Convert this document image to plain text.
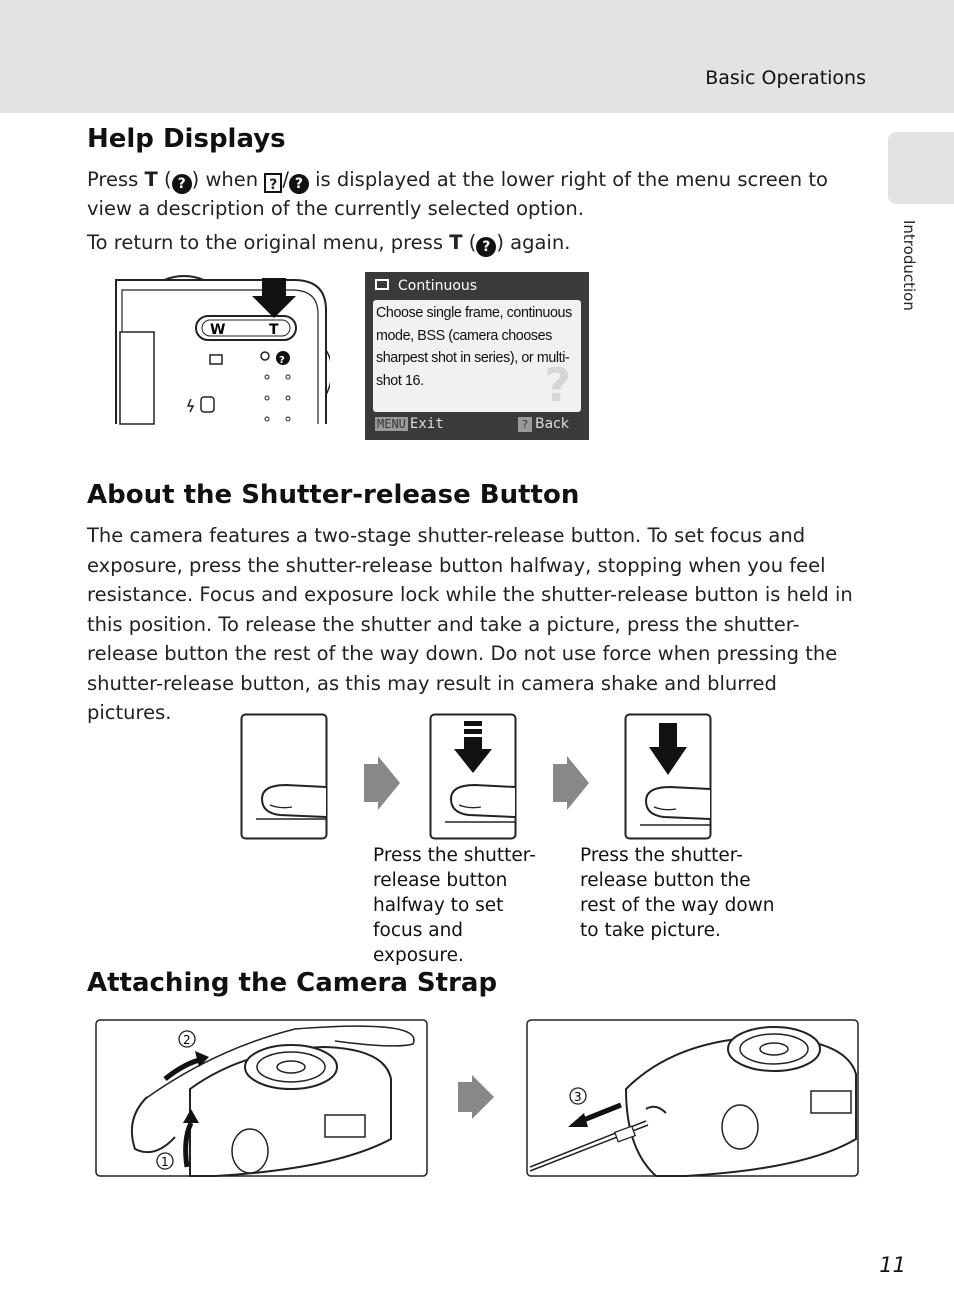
Basic Operations
Introduction
Help Displays

Press T ( ? ) when ? / ? is displayed at the lower right of the menu screen to view a description of the currently selected option.

To return to the original menu, press T ( ? ) again.

W	T
?
Continuous
Choose single frame, continuous mode, BSS (camera chooses sharpest shot in series), or multi-shot 16.	?
MENU Exit	? Back
About the Shutter-release Button

The camera features a two-stage shutter-release button. To set focus and exposure, press the shutter-release button halfway, stopping when you feel resistance. Focus and exposure lock while the shutter-release button is held in this position. To release the shutter and take a picture, press the shutter-release button the rest of the way down. Do not use force when pressing the shutter-release button, as this may result in camera shake and blurred pictures.

Press the shutter-release button halfway to set focus and exposure.

Press the shutter-release button the rest of the way down to take picture.

Attaching the Camera Strap
2
1
3
11
